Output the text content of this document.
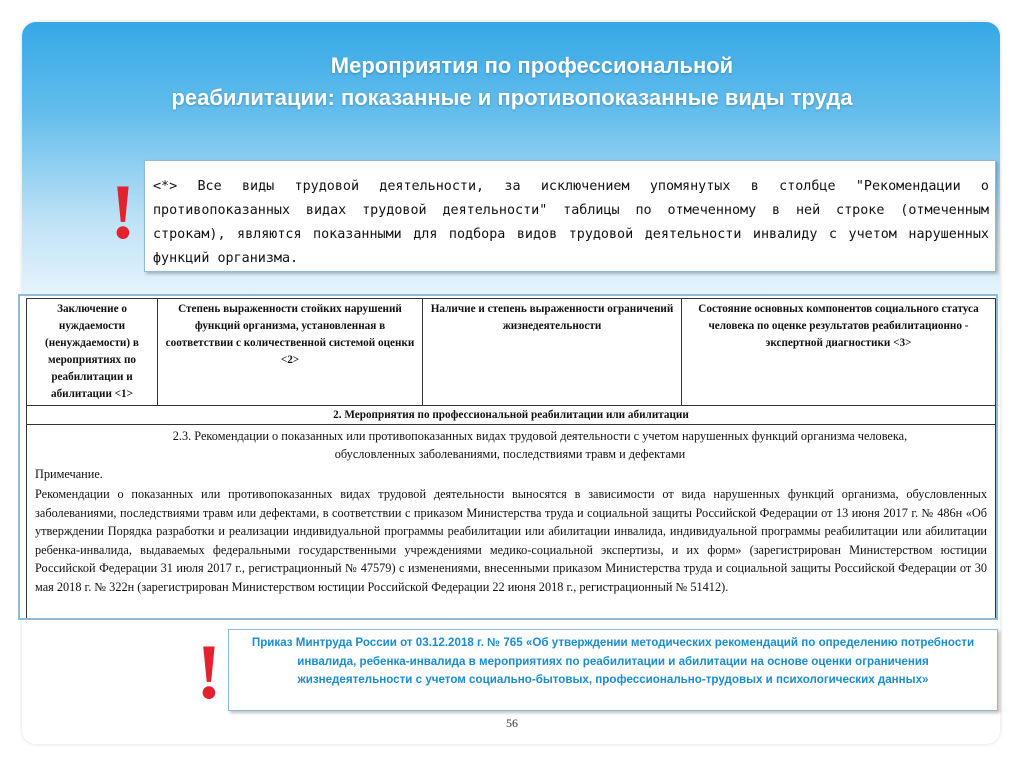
Мероприятия по профессиональной
реабилитации: показанные и противопоказанные виды труда
! <*> Все виды трудовой деятельности, за исключением упомянутых в столбце "Рекомендации о противопоказанных видах трудовой деятельности" таблицы по отмеченному в ней строке (отмеченным строкам), являются показанными для подбора видов трудовой деятельности инвалиду с учетом нарушенных функций организма.

Заключение о нуждаемости (ненуждаемости) в мероприятиях по реабилитации и абилитации <1>	Степень выраженности стойких нарушений функций организма, установленная в соответствии с количественной системой оценки <2>	Наличие и степень выраженности ограничений жизнедеятельности	Состояние основных компонентов социального статуса человека по оценке результатов реабилитационно - экспертной диагностики <3>
2. Мероприятия по профессиональной реабилитации или абилитации
2.3. Рекомендации о показанных или противопоказанных видах трудовой деятельности с учетом нарушенных функций организма человека,
обусловленных заболеваниями, последствиями травм и дефектами
Примечание.
Рекомендации о показанных или противопоказанных видах трудовой деятельности выносятся в зависимости от вида нарушенных функций организма, обусловленных заболеваниями, последствиями травм или дефектами, в соответствии с приказом Министерства труда и социальной защиты Российской Федерации от 13 июня 2017 г. № 486н «Об утверждении Порядка разработки и реализации индивидуальной программы реабилитации или абилитации инвалида, индивидуальной программы реабилитации или абилитации ребенка-инвалида, выдаваемых федеральными государственными учреждениями медико-социальной экспертизы, и их форм» (зарегистрирован Министерством юстиции Российской Федерации 31 июля 2017 г., регистрационный № 47579) с изменениями, внесенными приказом Министерства труда и социальной защиты Российской Федерации от 30 мая 2018 г. № 322н (зарегистрирован Министерством юстиции Российской Федерации 22 июня 2018 г., регистрационный № 51412).
!	Приказ Минтруда России от 03.12.2018 г. № 765 «Об утверждении методических рекомендаций по определению потребности инвалида, ребенка-инвалида в мероприятиях по реабилитации и абилитации на основе оценки ограничения жизнедеятельности с учетом социально-бытовых, профессионально-трудовых и психологических данных»
56
